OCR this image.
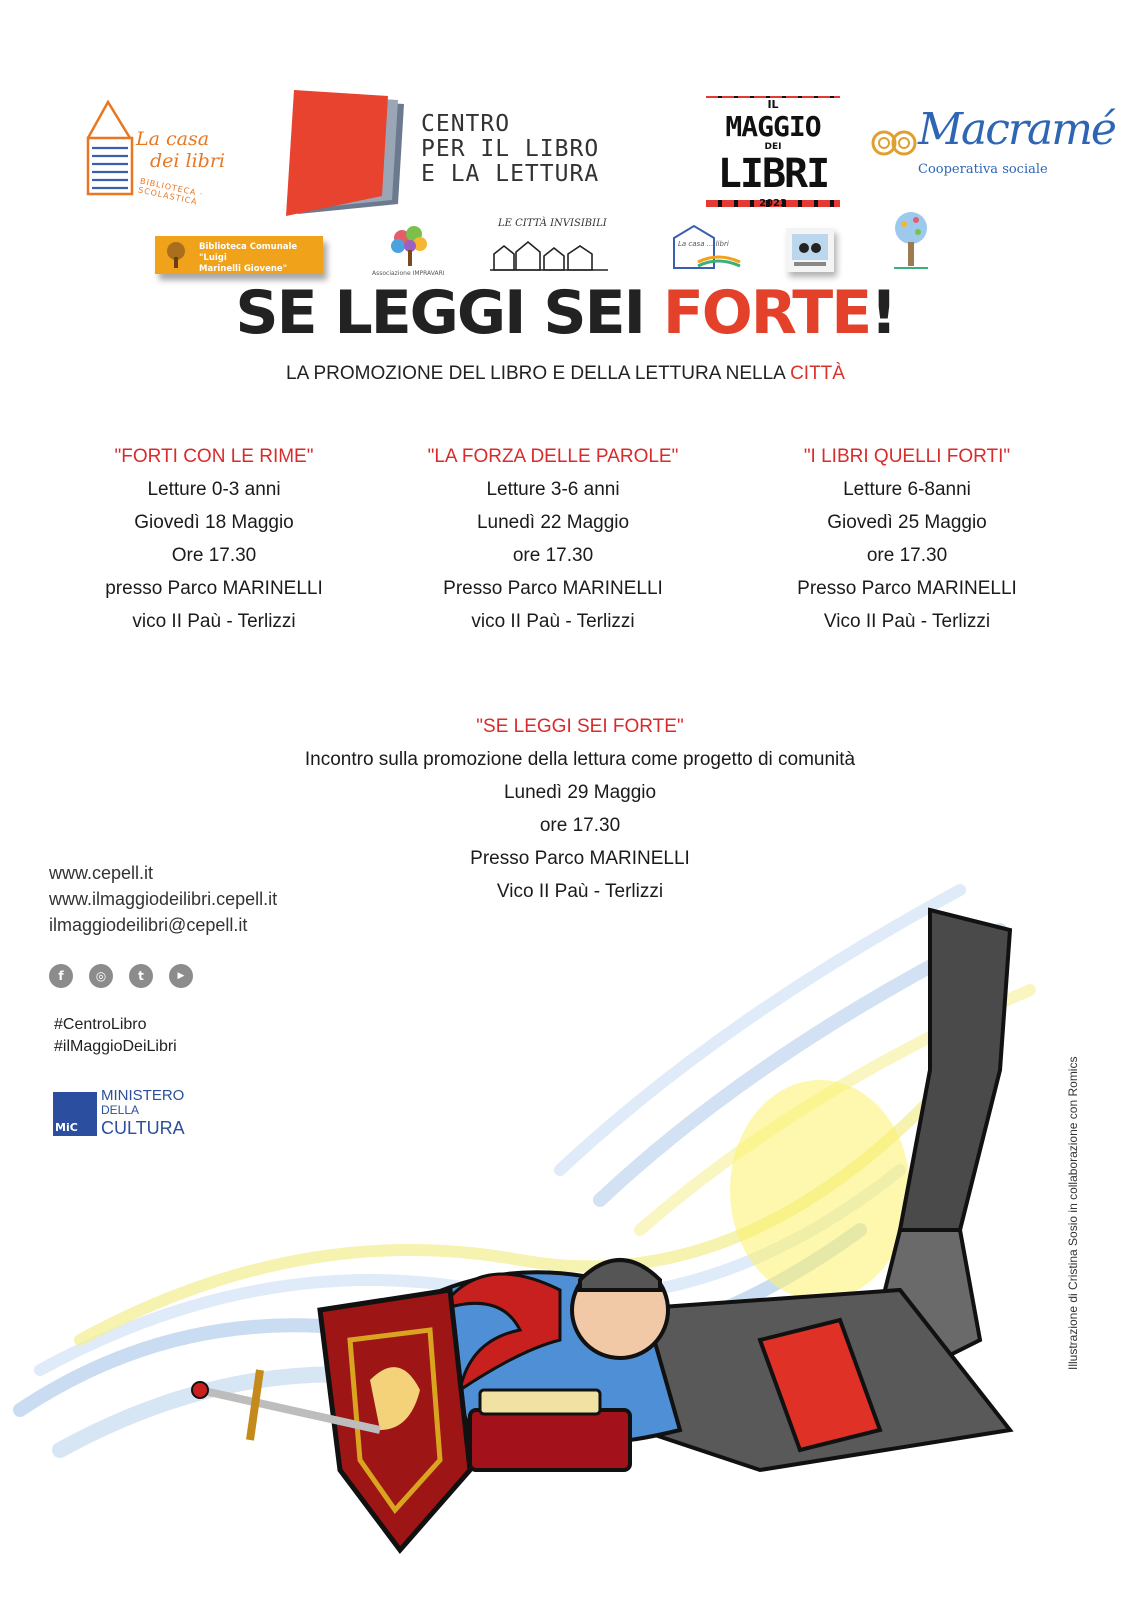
La casa
dei libri
BIBLIOTECA · SCOLASTICA
CENTRO
PER IL LIBRO
E LA LETTURA
IL
MAGGIO
DEI
LIBRI
2023
Macramé
Cooperativa sociale
Biblioteca Comunale "Luigi
Marinelli Giovene"	Associazione IMPRAVARI
LE CITTÀ INVISIBILI
La casa ... libri
SE LEGGI SEI FORTE!
LA PROMOZIONE DEL LIBRO E DELLA LETTURA NELLA CITTÀ
"FORTI CON LE RIME"
Letture 0-3 anni
Giovedì 18 Maggio
Ore 17.30
presso Parco MARINELLI
vico II Paù - Terlizzi
"LA FORZA DELLE PAROLE"
Letture 3-6 anni
Lunedì 22 Maggio
ore 17.30
Presso Parco MARINELLI
vico II Paù - Terlizzi
"I LIBRI QUELLI FORTI"
Letture 6-8anni
Giovedì 25 Maggio
ore 17.30
Presso Parco MARINELLI
Vico II Paù - Terlizzi
"SE LEGGI SEI FORTE"
Incontro sulla promozione della lettura come progetto di comunità
Lunedì 29 Maggio
ore 17.30
Presso Parco MARINELLI
Vico II Paù - Terlizzi
www.cepell.it
www.ilmaggiodeilibri.cepell.it
ilmaggiodeilibri@cepell.it
f	◎	t	▶
#CentroLibro
#ilMaggioDeiLibri
MiC
MINISTERO
DELLA
CULTURA	Illustrazione di Cristina Sosio in collaborazione con Romics
